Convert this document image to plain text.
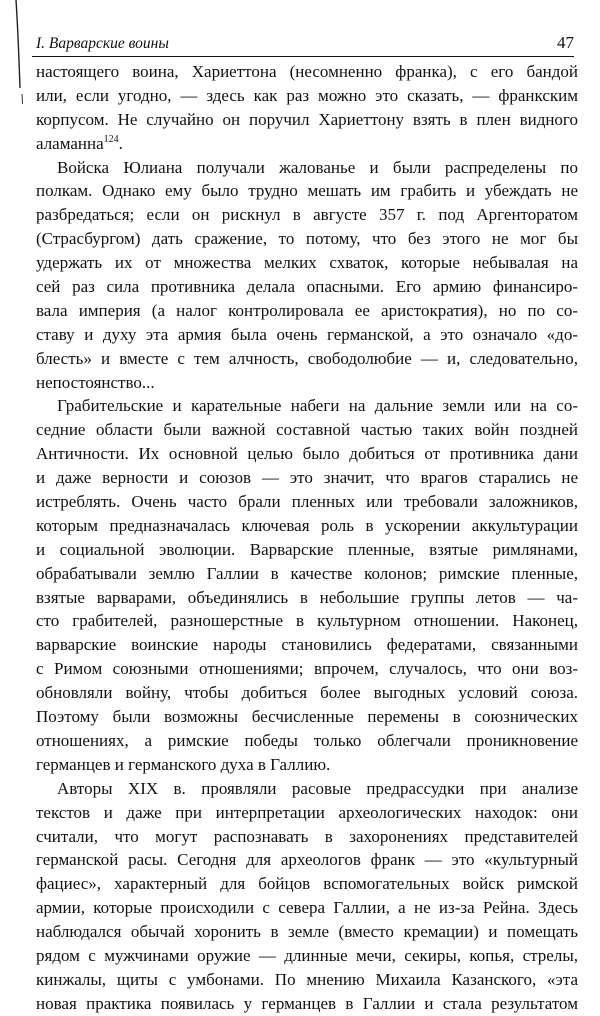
I. Варварские воины	47
настоящего воина, Хариеттона (несомненно франка), с его бандой
или, если угодно, — здесь как раз можно это сказать, — франкским
корпусом. Не случайно он поручил Хариеттону взять в плен видного
аламанна$^{124}$.
Войска Юлиана получали жалованье и были распределены по
полкам. Однако ему было трудно мешать им грабить и убеждать не
разбредаться; если он рискнул в августе 357 г. под Аргенторатом
(Страсбургом) дать сражение, то потому, что без этого не мог бы
удержать их от множества мелких схваток, которые небывалая на
сей раз сила противника делала опасными. Его армию финансиро-
вала империя (а налог контролировала ее аристократия), но по со-
ставу и духу эта армия была очень германской, а это означало «до-
блесть» и вместе с тем алчность, свободолюбие — и, следовательно,
непостоянство...
Грабительские и карательные набеги на дальние земли или на со-
седние области были важной составной частью таких войн поздней
Античности. Их основной целью было добиться от противника дани
и даже верности и союзов — это значит, что врагов старались не
истреблять. Очень часто брали пленных или требовали заложников,
которым предназначалась ключевая роль в ускорении аккультурации
и социальной эволюции. Варварские пленные, взятые римлянами,
обрабатывали землю Галлии в качестве колонов; римские пленные,
взятые варварами, объединялись в небольшие группы летов — ча-
сто грабителей, разношерстные в культурном отношении. Наконец,
варварские воинские народы становились федератами, связанными
с Римом союзными отношениями; впрочем, случалось, что они воз-
обновляли войну, чтобы добиться более выгодных условий союза.
Поэтому были возможны бесчисленные перемены в союзнических
отношениях, а римские победы только облегчали проникновение
германцев и германского духа в Галлию.
Авторы XIX в. проявляли расовые предрассудки при анализе
текстов и даже при интерпретации археологических находок: они
считали, что могут распознавать в захоронениях представителей
германской расы. Сегодня для археологов франк — это «культурный
фациес», характерный для бойцов вспомогательных войск римской
армии, которые происходили с севера Галлии, а не из-за Рейна. Здесь
наблюдался обычай хоронить в земле (вместо кремации) и помещать
рядом с мужчинами оружие — длинные мечи, секиры, копья, стрелы,
кинжалы, щиты с умбонами. По мнению Михаила Казанского, «эта
новая практика появилась у германцев в Галлии и стала результатом
